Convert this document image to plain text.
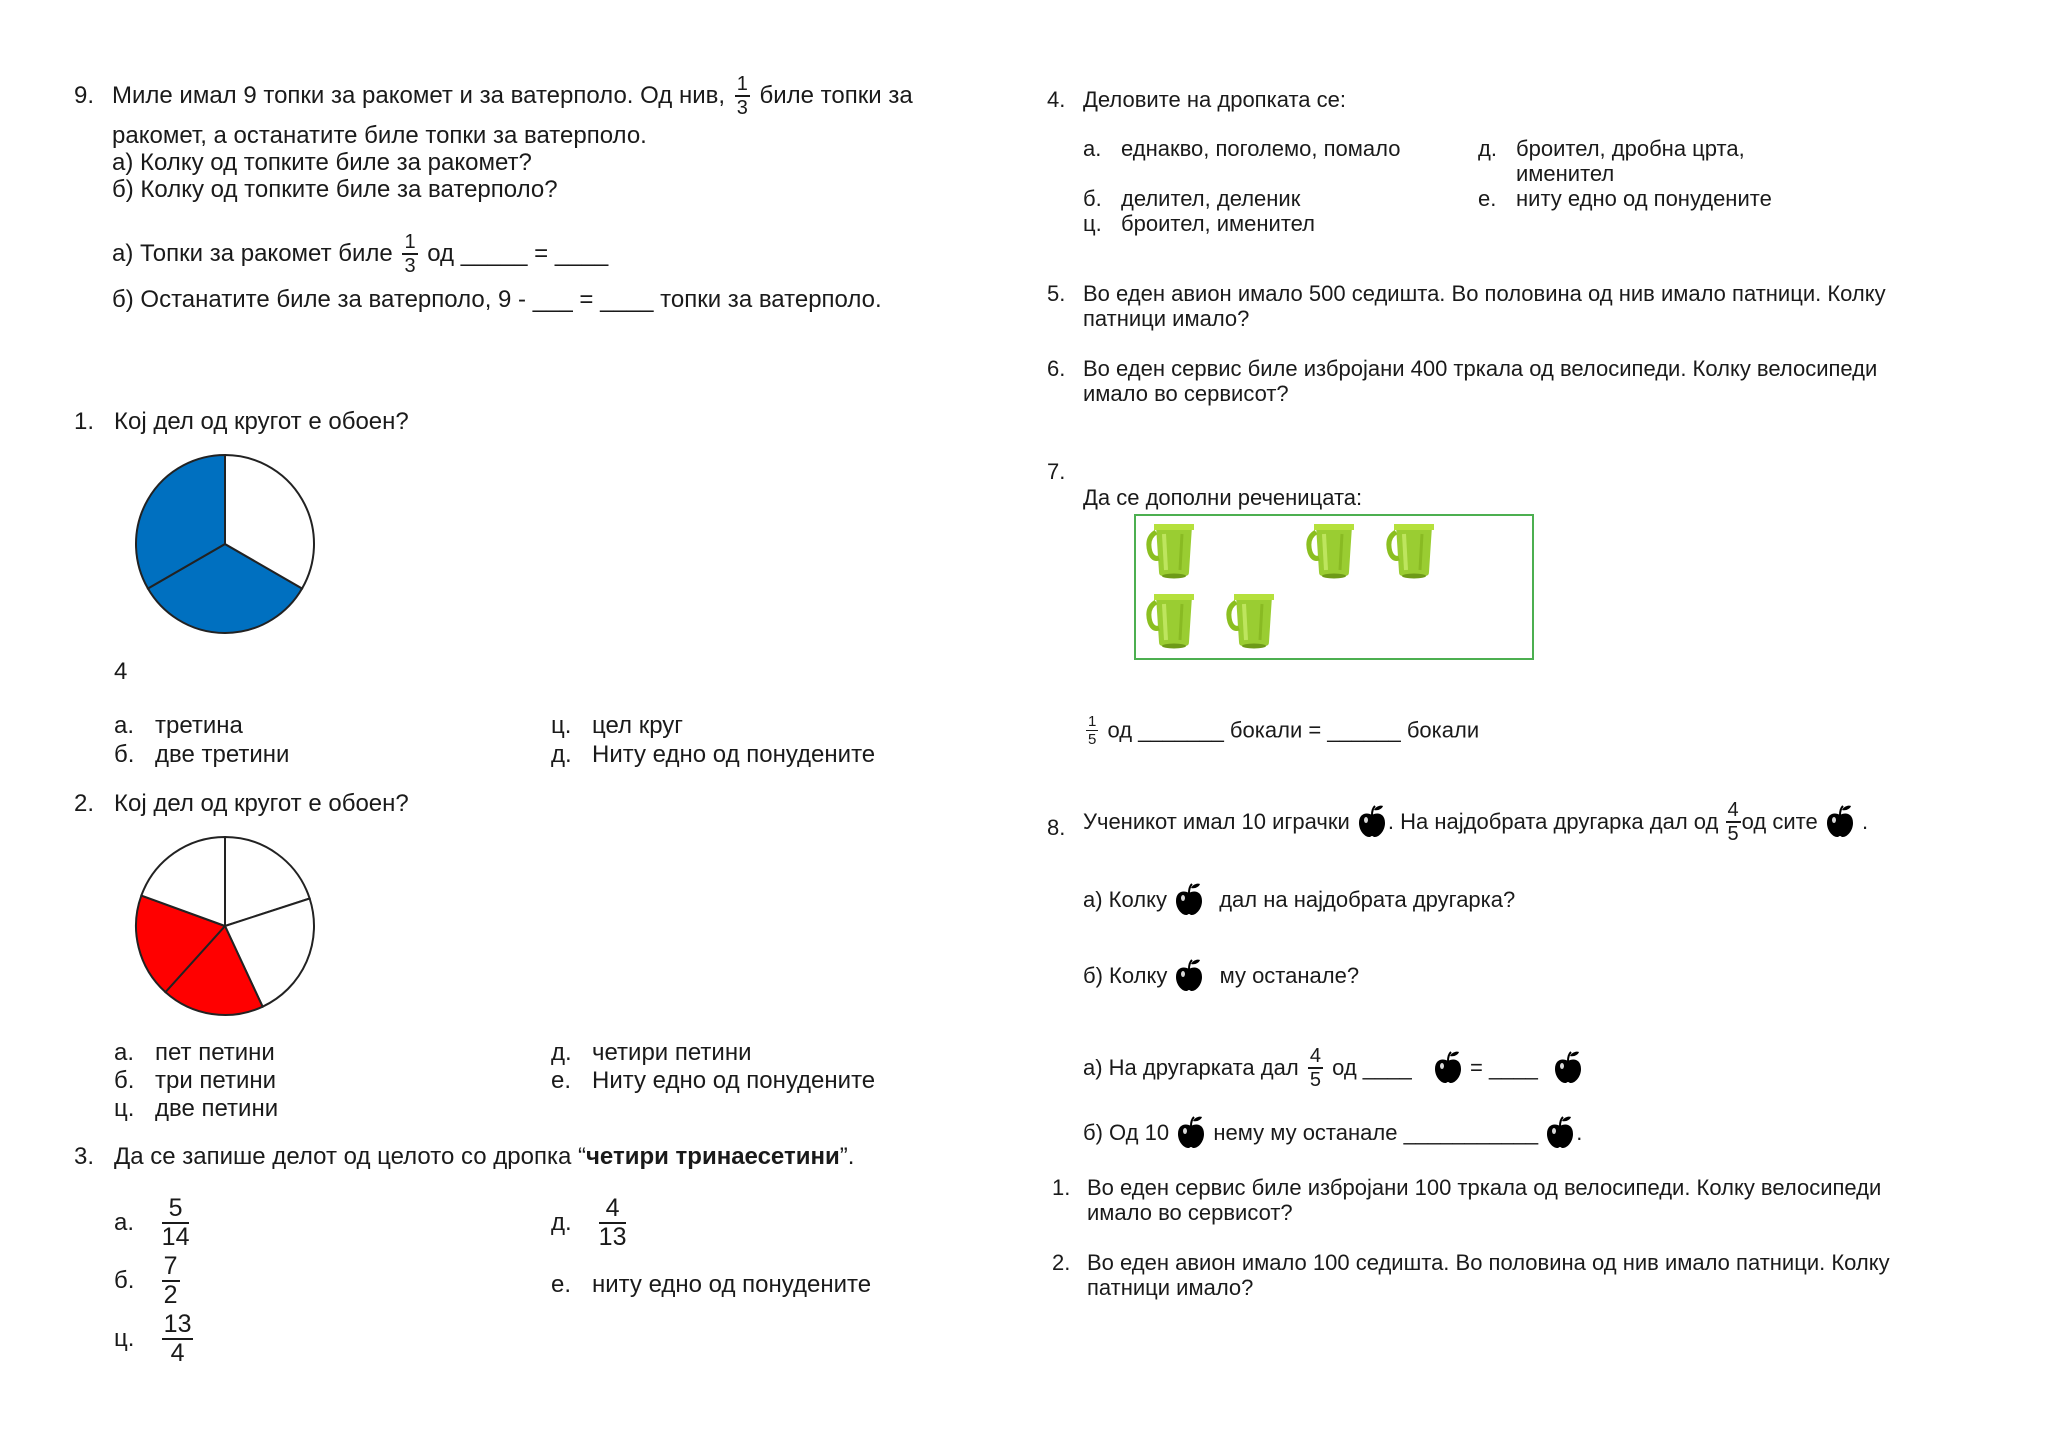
9. Миле имал 9 топки за ракомет и за ватерполо. Од нив, $\frac{1}{3}$ биле топки за
ракомет, а останатите биле топки за ватерполо.
а) Колку од топките биле за ракомет?
б) Колку од топките биле за ватерполо?
а) Топки за ракомет биле $\frac{1}{3}$ од _____ = ____
б) Останатите биле за ватерполо, 9 - ___ = ____ топки за ватерполо.
1. Кој дел од кругот е обоен?
4
а. третина
б. две третини
ц. цел круг
д. Ниту едно од понудените
2. Кој дел од кругот е обоен?
а. пет петини
б. три петини
ц. две петини
д. четири петини
е. Ниту едно од понудените
3. Да се запише делот од целото со дропка “четири тринаесетини”.
а. $\frac{5}{14}$
б. $\frac{7}{2}$
ц. $\frac{13}{4}$
д. $\frac{4}{13}$
е. ниту едно од понудените
4. Деловите на дропката се:
а. еднакво, поголемо, помало
б. делител, деленик
ц. броител, именител
д. броител, дробна црта,
именител
е. ниту едно од понудените
5. Во еден авион имало 500 седишта. Во половина од нив имало патници. Колку
патници имало?
6. Во еден сервис биле избројани 400 тркала од велосипеди. Колку велосипеди
имало во сервисот?
7.
Да се дополни реченицата:
$\frac{1}{5}$ од _______ бокали = ______ бокали
8. Ученикот имал 10 играчки . На најдобрата другарка дал од $\frac{4}{5}$ од сите .
а) Колку дал на најдобрата другарка?
б) Колку му останале?
а) На другарката дал $\frac{4}{5}$ од ____	= ____
б) Од 10 нему му останале ___________ .
1. Во еден сервис биле избројани 100 тркала од велосипеди. Колку велосипеди
имало во сервисот?
2. Во еден авион имало 100 седишта. Во половина од нив имало патници. Колку
патници имало?
